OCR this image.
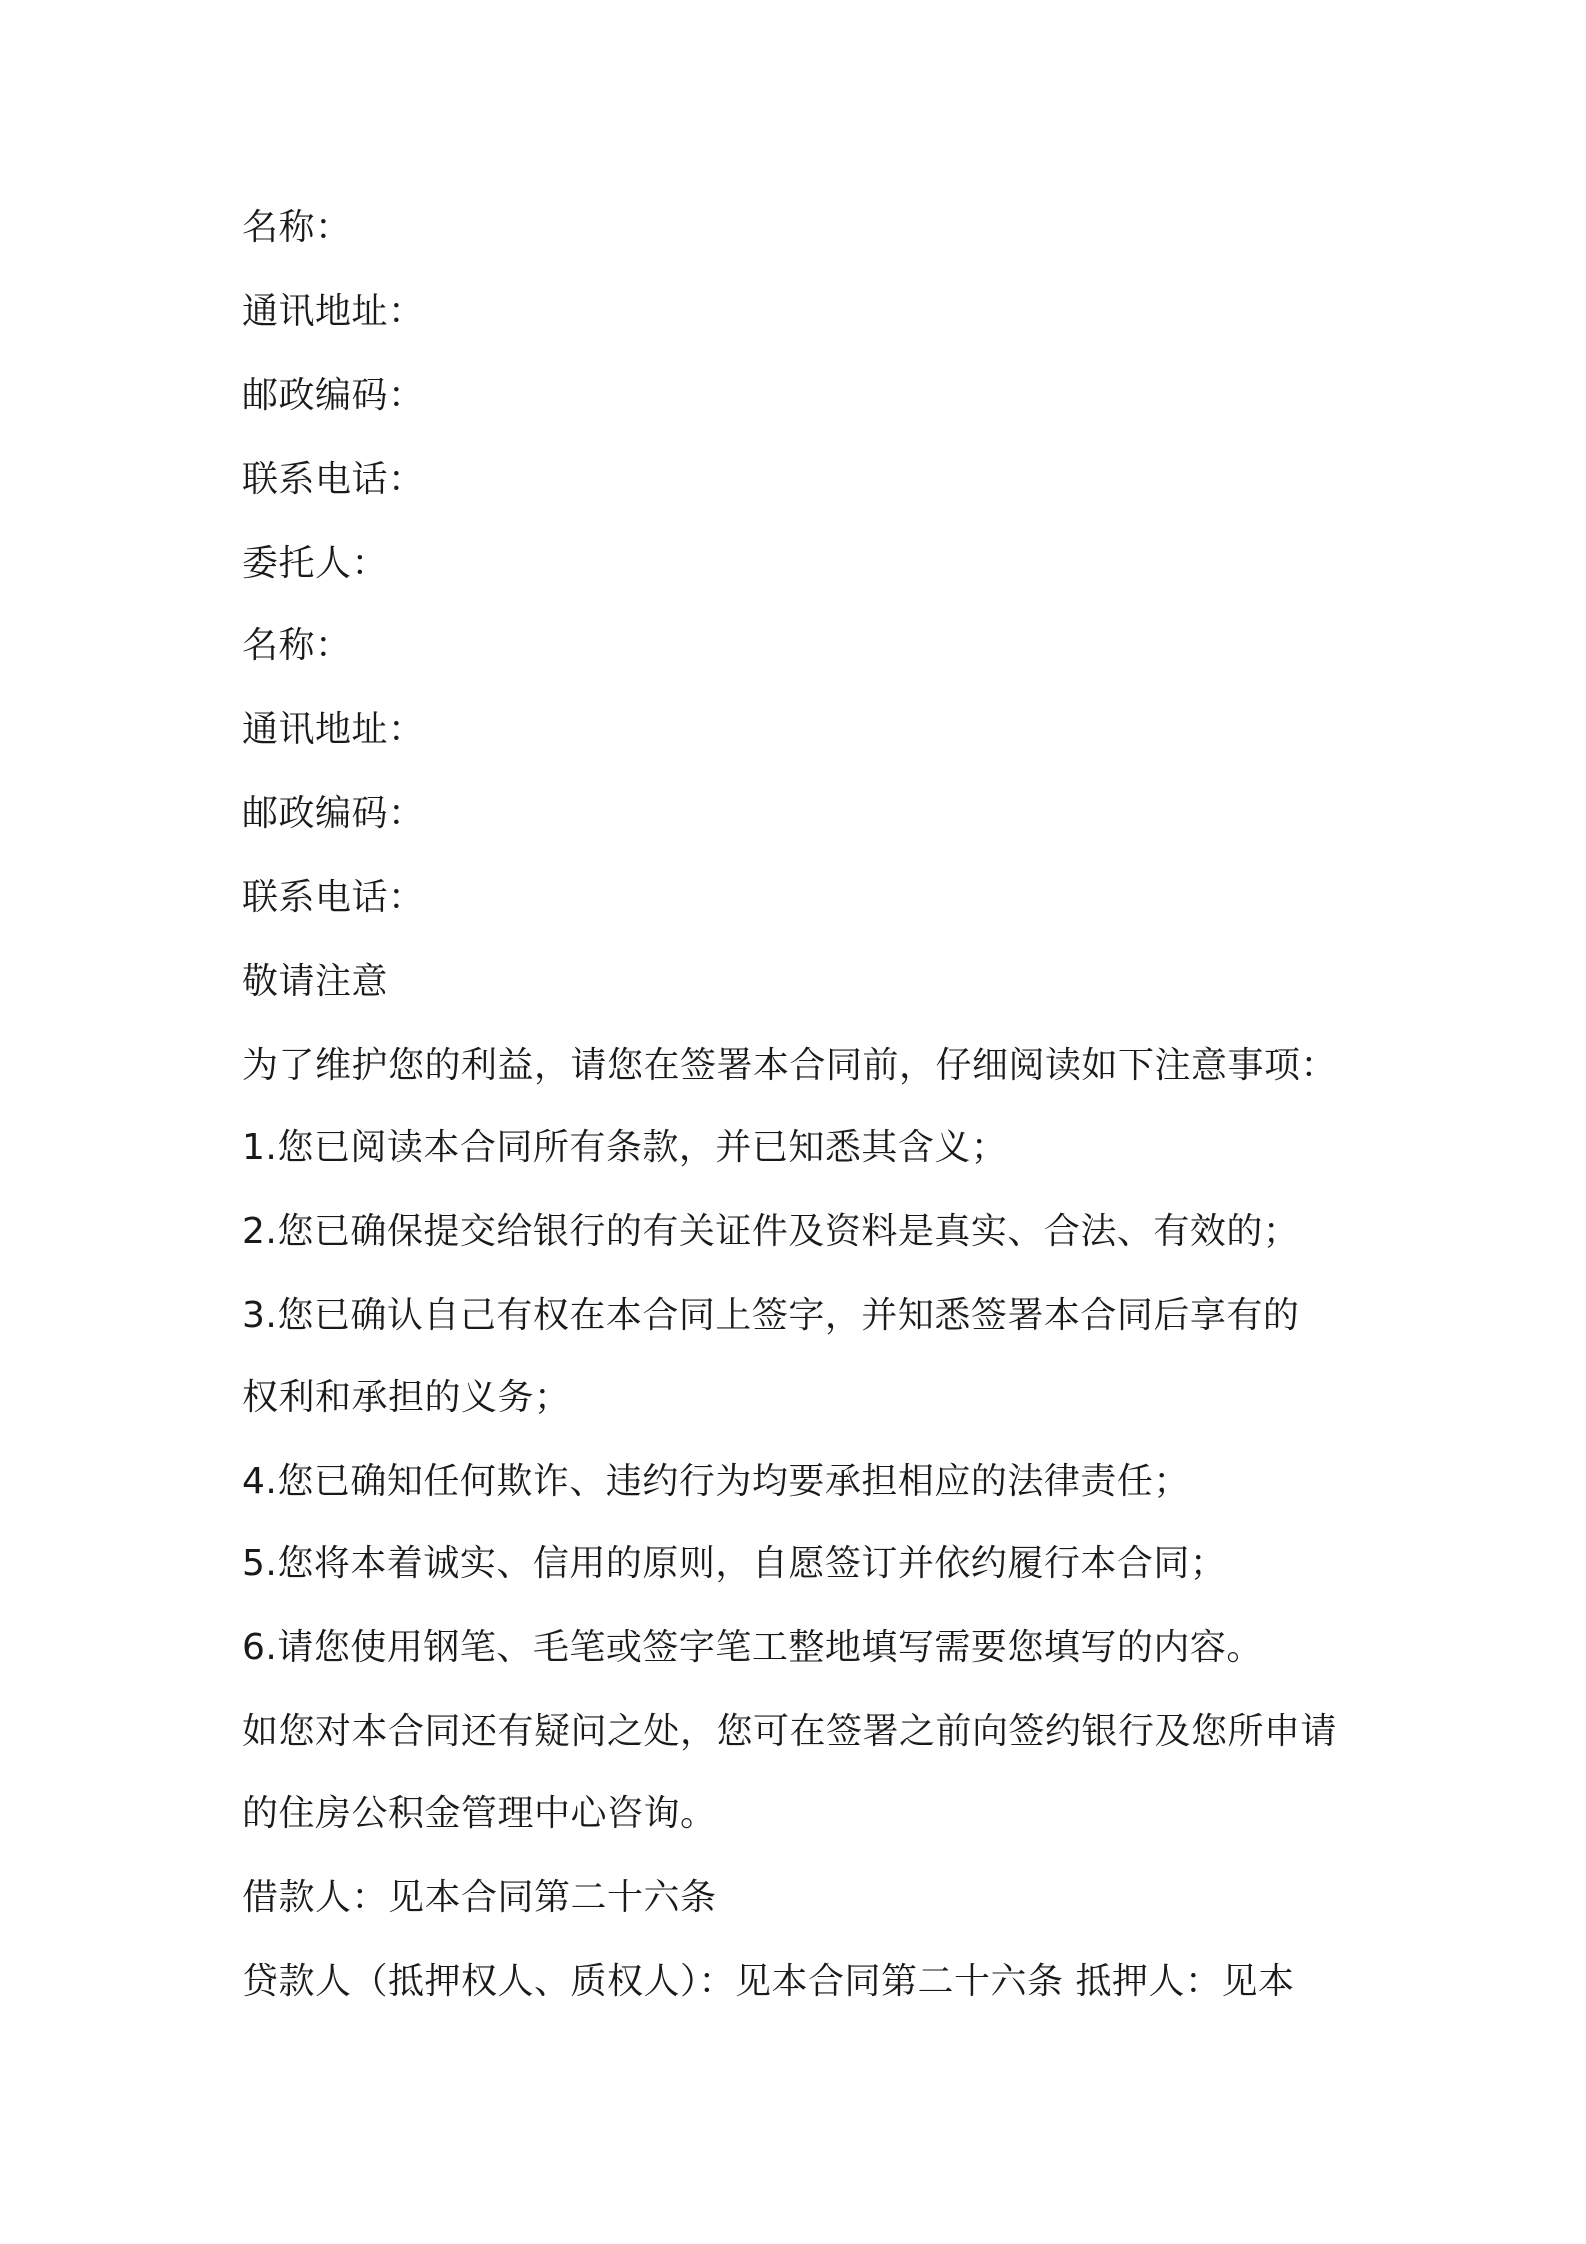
名称：

通讯地址：

邮政编码：

联系电话：

委托人：

名称：

通讯地址：

邮政编码：

联系电话：

敬请注意

为了维护您的利益，请您在签署本合同前，仔细阅读如下注意事项：

1.您已阅读本合同所有条款，并已知悉其含义；

2.您已确保提交给银行的有关证件及资料是真实、合法、有效的；

3.您已确认自己有权在本合同上签字，并知悉签署本合同后享有的

权利和承担的义务；

4.您已确知任何欺诈、违约行为均要承担相应的法律责任；

5.您将本着诚实、信用的原则，自愿签订并依约履行本合同；

6.请您使用钢笔、毛笔或签字笔工整地填写需要您填写的内容。

如您对本合同还有疑问之处，您可在签署之前向签约银行及您所申请

的住房公积金管理中心咨询。

借款人：见本合同第二十六条

贷款人（抵押权人、质权人）：见本合同第二十六条 抵押人：见本
